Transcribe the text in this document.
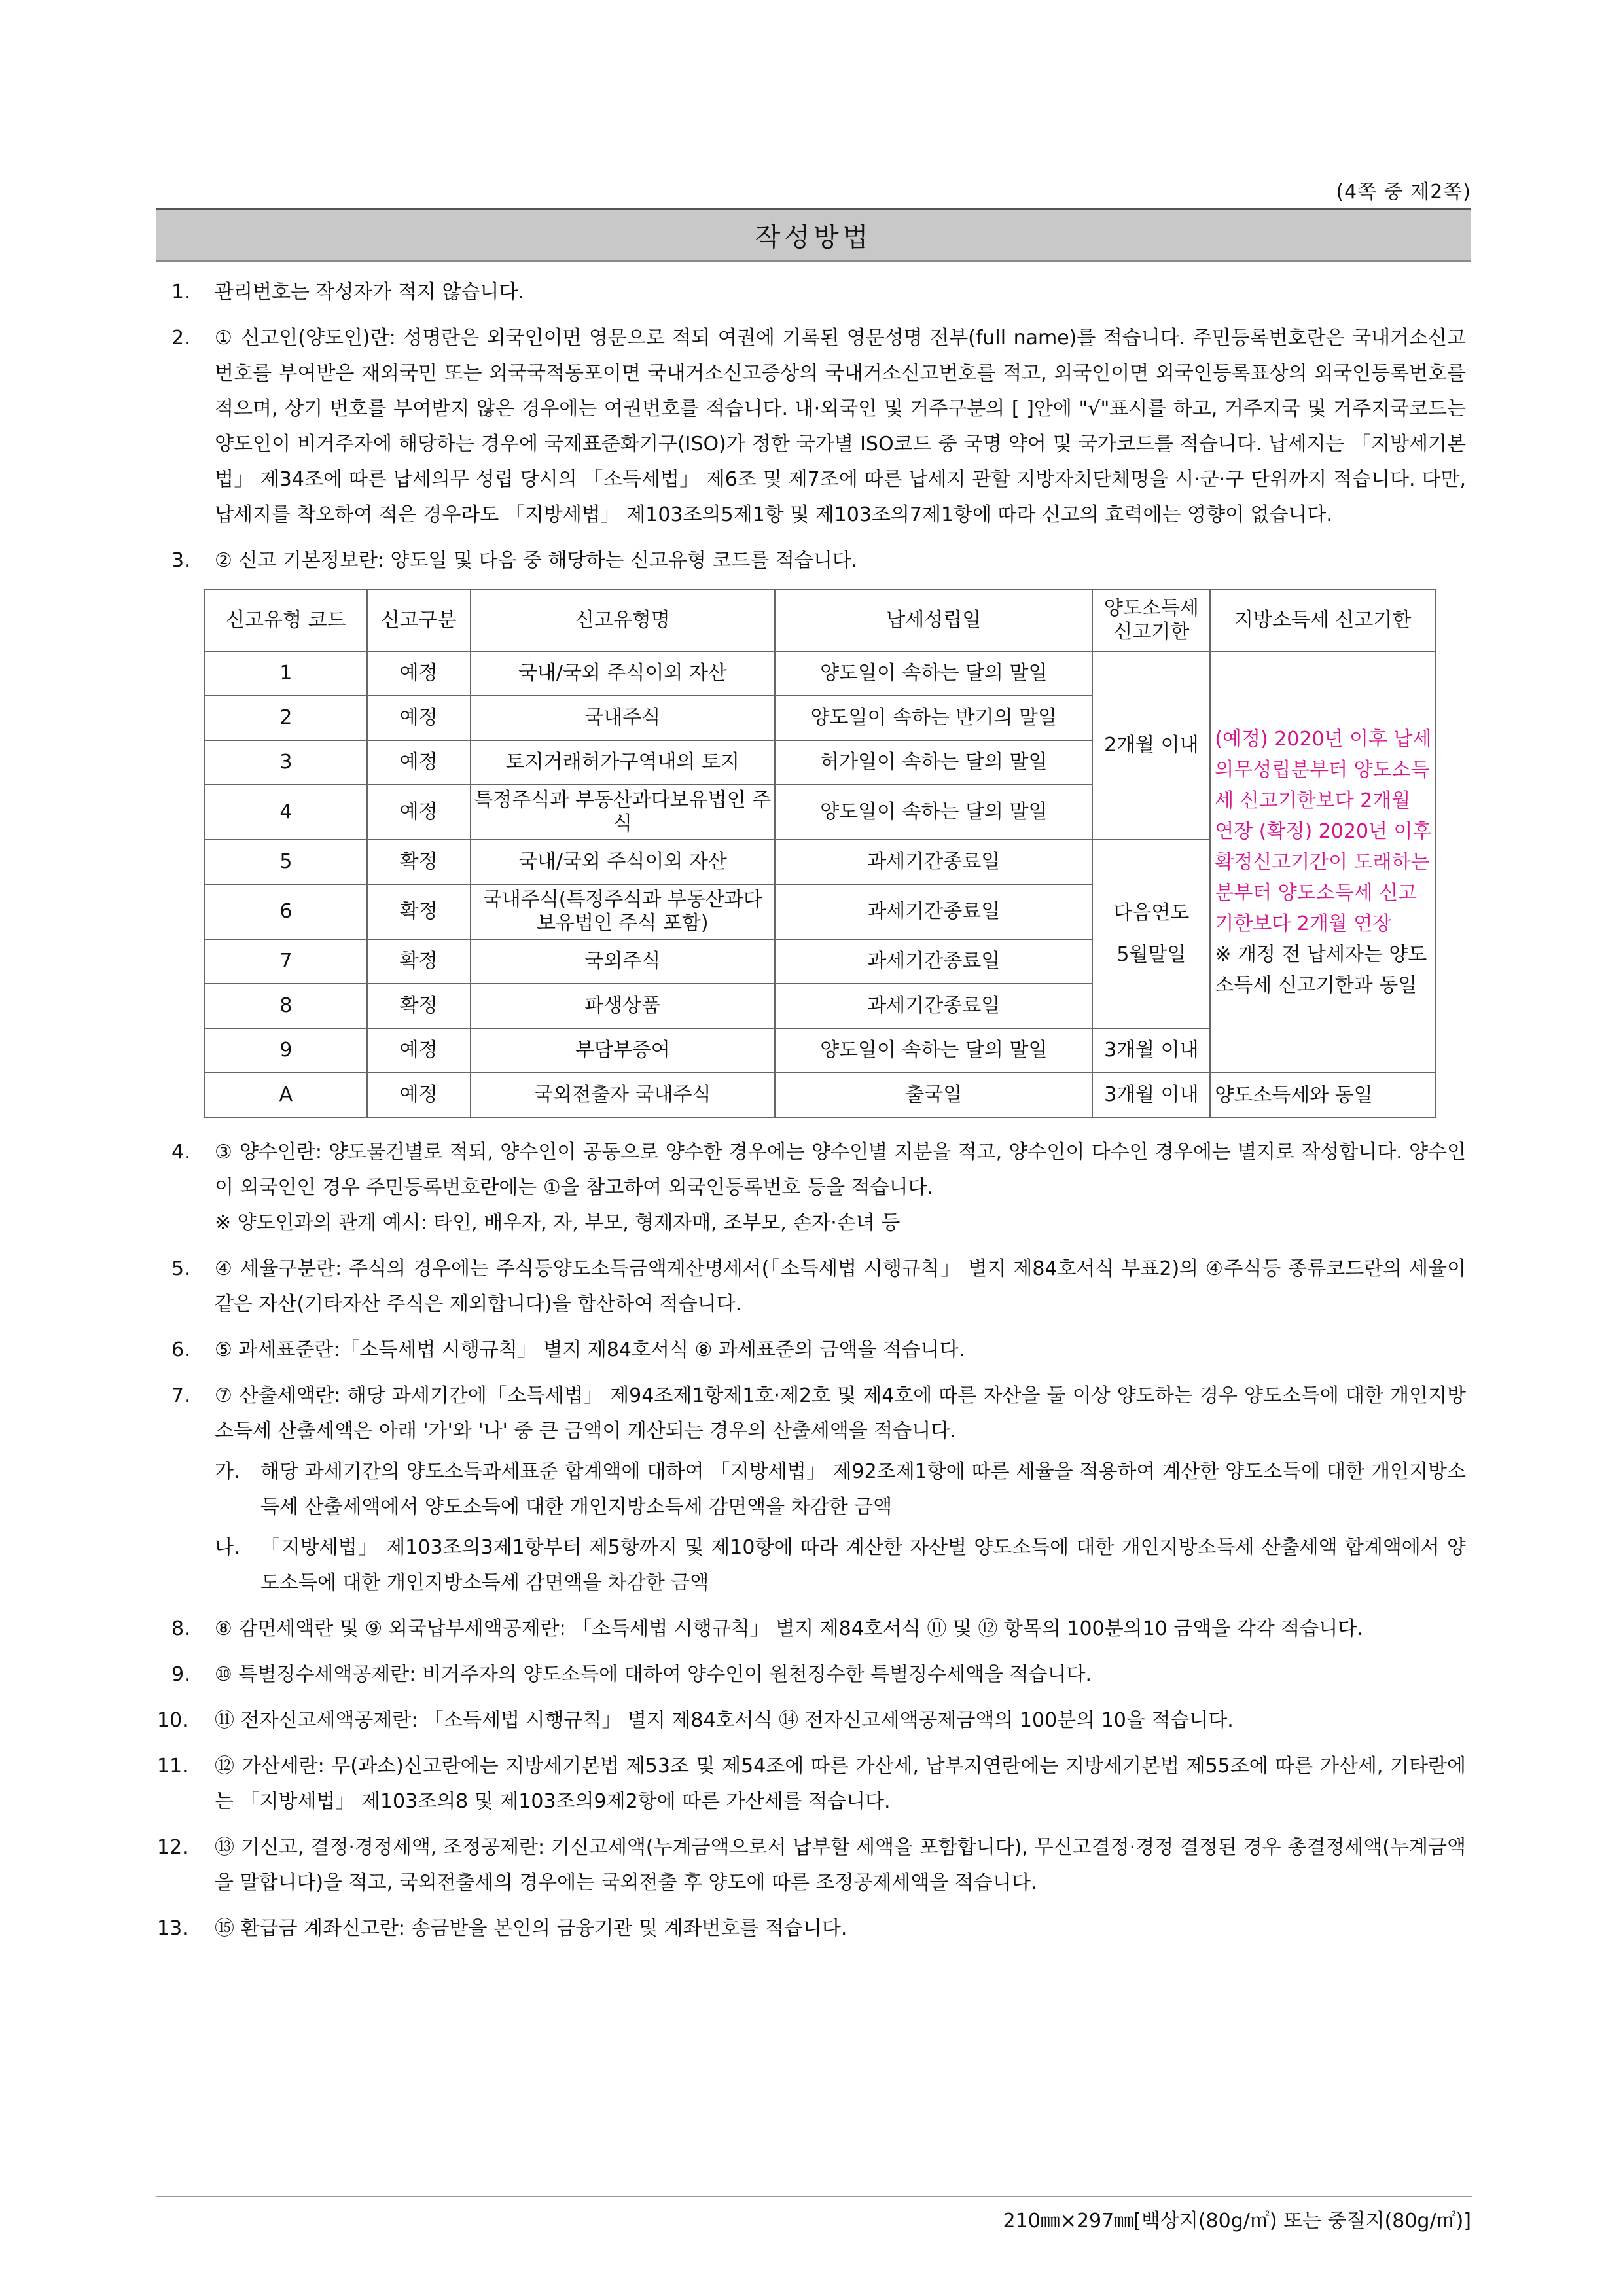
(4쪽 중 제2쪽)
작성방법
1. 관리번호는 작성자가 적지 않습니다.

2. ① 신고인(양도인)란: 성명란은 외국인이면 영문으로 적되 여권에 기록된 영문성명 전부(full name)를 적습니다. 주민등록번호란은 국내거소신고번호를 부여받은 재외국민 또는 외국국적동포이면 국내거소신고증상의 국내거소신고번호를 적고, 외국인이면 외국인등록표상의 외국인등록번호를 적으며, 상기 번호를 부여받지 않은 경우에는 여권번호를 적습니다. 내·외국인 및 거주구분의 [ ]안에 "√"표시를 하고, 거주지국 및 거주지국코드는 양도인이 비거주자에 해당하는 경우에 국제표준화기구(ISO)가 정한 국가별 ISO코드 중 국명 약어 및 국가코드를 적습니다. 납세지는 「지방세기본법」 제34조에 따른 납세의무 성립 당시의 「소득세법」 제6조 및 제7조에 따른 납세지 관할 지방자치단체명을 시·군·구 단위까지 적습니다. 다만, 납세지를 착오하여 적은 경우라도 「지방세법」 제103조의5제1항 및 제103조의7제1항에 따라 신고의 효력에는 영향이 없습니다.

3. ② 신고 기본정보란: 양도일 및 다음 중 해당하는 신고유형 코드를 적습니다.

신고유형 코드	신고구분	신고유형명	납세성립일	양도소득세 신고기한	지방소득세 신고기한
1	예정	국내/국외 주식이외 자산	양도일이 속하는 달의 말일	2개월 이내	(예정) 2020년 이후 납세의무성립분부터 양도소득세 신고기한보다 2개월 연장 (확정) 2020년 이후 확정신고기간이 도래하는 분부터 양도소득세 신고기한보다 2개월 연장
※ 개정 전 납세자는 양도소득세 신고기한과 동일
2	예정	국내주식	양도일이 속하는 반기의 말일		
3	예정	토지거래허가구역내의 토지	허가일이 속하는 달의 말일		
4	예정	특정주식과 부동산과다보유법인 주식	양도일이 속하는 달의 말일		
5	확정	국내/국외 주식이외 자산	과세기간종료일	다음연도
5월말일	
6	확정	국내주식(특정주식과 부동산과다보유법인 주식 포함)	과세기간종료일		
7	확정	국외주식	과세기간종료일		
8	확정	파생상품	과세기간종료일		
9	예정	부담부증여	양도일이 속하는 달의 말일	3개월 이내	
A	예정	국외전출자 국내주식	출국일	3개월 이내	양도소득세와 동일
4. ③ 양수인란: 양도물건별로 적되, 양수인이 공동으로 양수한 경우에는 양수인별 지분을 적고, 양수인이 다수인 경우에는 별지로 작성합니다. 양수인이 외국인인 경우 주민등록번호란에는 ①을 참고하여 외국인등록번호 등을 적습니다.

※ 양도인과의 관계 예시: 타인, 배우자, 자, 부모, 형제자매, 조부모, 손자·손녀 등

5. ④ 세율구분란: 주식의 경우에는 주식등양도소득금액계산명세서(「소득세법 시행규칙」 별지 제84호서식 부표2)의 ④주식등 종류코드란의 세율이 같은 자산(기타자산 주식은 제외합니다)을 합산하여 적습니다.

6. ⑤ 과세표준란:「소득세법 시행규칙」 별지 제84호서식 ⑧ 과세표준의 금액을 적습니다.

7. ⑦ 산출세액란: 해당 과세기간에「소득세법」 제94조제1항제1호·제2호 및 제4호에 따른 자산을 둘 이상 양도하는 경우 양도소득에 대한 개인지방소득세 산출세액은 아래 '가'와 '나' 중 큰 금액이 계산되는 경우의 산출세액을 적습니다.

가. 해당 과세기간의 양도소득과세표준 합계액에 대하여 「지방세법」 제92조제1항에 따른 세율을 적용하여 계산한 양도소득에 대한 개인지방소득세 산출세액에서 양도소득에 대한 개인지방소득세 감면액을 차감한 금액

나. 「지방세법」 제103조의3제1항부터 제5항까지 및 제10항에 따라 계산한 자산별 양도소득에 대한 개인지방소득세 산출세액 합계액에서 양도소득에 대한 개인지방소득세 감면액을 차감한 금액

8. ⑧ 감면세액란 및 ⑨ 외국납부세액공제란: 「소득세법 시행규칙」 별지 제84호서식 ⑪ 및 ⑫ 항목의 100분의10 금액을 각각 적습니다.

9. ⑩ 특별징수세액공제란: 비거주자의 양도소득에 대하여 양수인이 원천징수한 특별징수세액을 적습니다.

10. ⑪ 전자신고세액공제란: 「소득세법 시행규칙」 별지 제84호서식 ⑭ 전자신고세액공제금액의 100분의 10을 적습니다.

11. ⑫ 가산세란: 무(과소)신고란에는 지방세기본법 제53조 및 제54조에 따른 가산세, 납부지연란에는 지방세기본법 제55조에 따른 가산세, 기타란에는 「지방세법」 제103조의8 및 제103조의9제2항에 따른 가산세를 적습니다.

12. ⑬ 기신고, 결정·경정세액, 조정공제란: 기신고세액(누계금액으로서 납부할 세액을 포함합니다), 무신고결정·경정 결정된 경우 총결정세액(누계금액을 말합니다)을 적고, 국외전출세의 경우에는 국외전출 후 양도에 따른 조정공제세액을 적습니다.

13. ⑮ 환급금 계좌신고란: 송금받을 본인의 금융기관 및 계좌번호를 적습니다.

210㎜×297㎜[백상지(80g/㎡) 또는 중질지(80g/㎡)]
